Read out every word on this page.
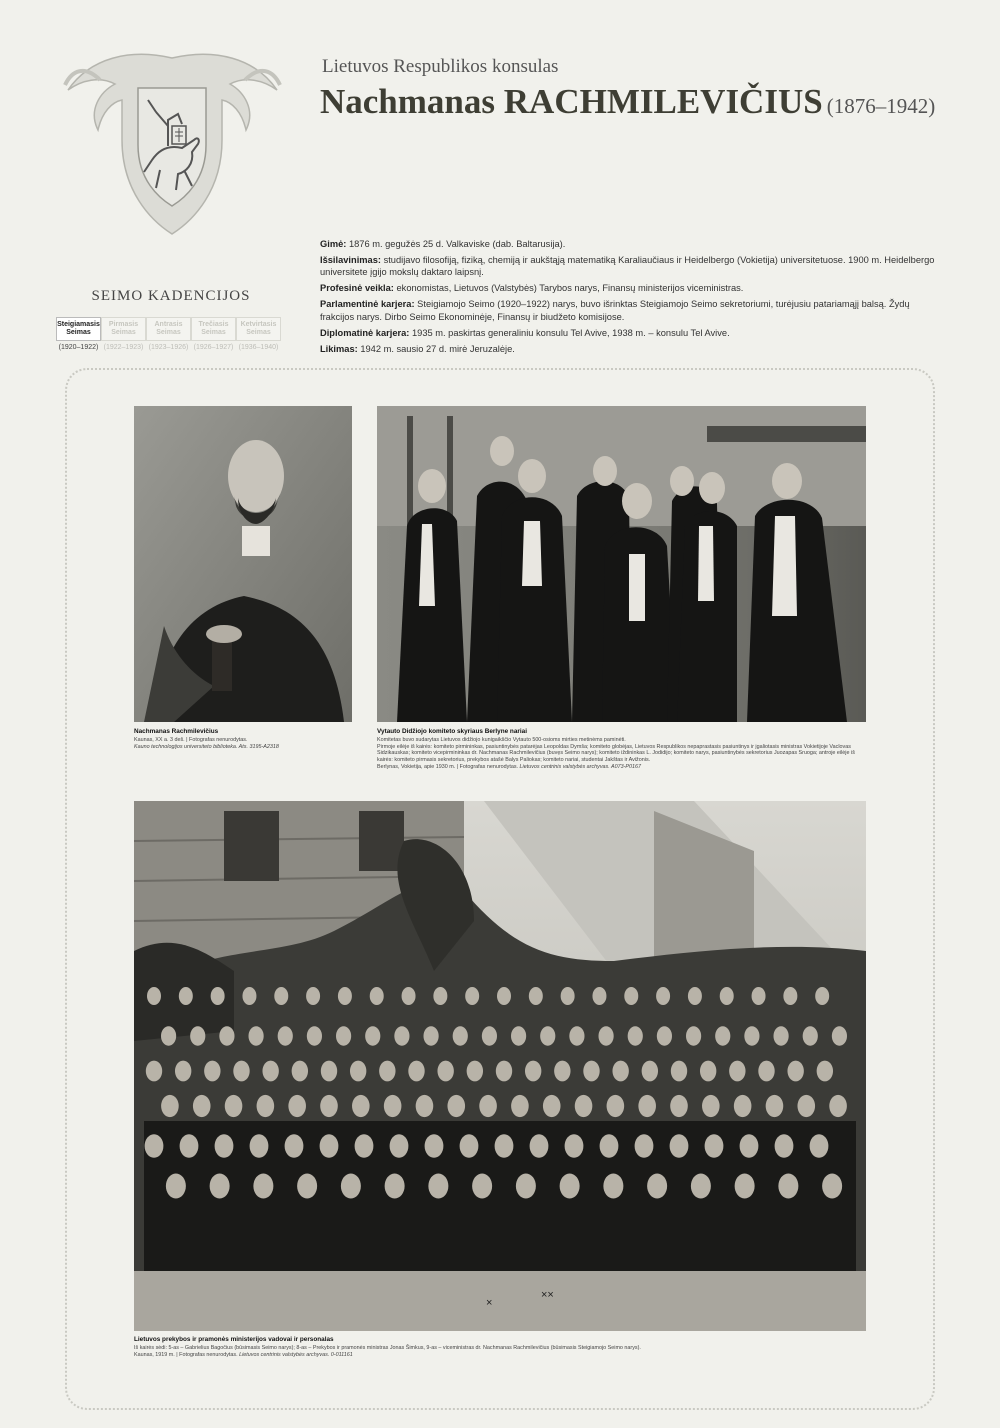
Lietuvos Respublikos konsulas
Nachmanas RACHMILEVIČIUS (1876–1942)

Gimė: 1876 m. gegužės 25 d. Valkaviske (dab. Baltarusija).

Išsilavinimas: studijavo filosofiją, fiziką, chemiją ir aukštąją matematiką Karaliaučiaus ir Heidelbergo (Vokietija) universitetuose. 1900 m. Heidelbergo universitete įgijo mokslų daktaro laipsnį.

Profesinė veikla: ekonomistas, Lietuvos (Valstybės) Tarybos narys, Finansų ministerijos viceministras.

Parlamentinė karjera: Steigiamojo Seimo (1920–1922) narys, buvo išrinktas Steigiamojo Seimo sekretoriumi, turėjusiu patariamąjį balsą. Žydų frakcijos narys. Dirbo Seimo Ekonominėje, Finansų ir biudžeto komisijose.

Diplomatinė karjera: 1935 m. paskirtas generaliniu konsulu Tel Avive, 1938 m. – konsulu Tel Avive.

Likimas: 1942 m. sausio 27 d. mirė Jeruzalėje.

SEIMO KADENCIJOS
Steigiamasis
Seimas
(1920–1922)
Pirmasis
Seimas
(1922–1923)
Antrasis
Seimas
(1923–1926)
Trečiasis
Seimas
(1926–1927)
Ketvirtasis
Seimas
(1936–1940)
Nachmanas Rachmilevičius
Kaunas, XX a. 3 deš. | Fotografas nenurodytas.
Kauno technologijos universiteto biblioteka. Ats. 3195-A2318
Vytauto Didžiojo komiteto skyriaus Berlyne nariai
Komitetas buvo sudarytas Lietuvos didžiojo kunigaikščio Vytauto 500-osioms mirties metinėms paminėti.
Pirmoje eilėje iš kairės: komiteto pirmininkas, pasiuntinybės patarėjas Leopoldas Dymša; komiteto globėjas, Lietuvos Respublikos nepaprastasis pasiuntinys ir įgaliotasis ministras Vokietijoje Vaclovas Sidzikauskas; komiteto vicepirmininkas dr. Nachmanas Rachmilevičius (buvęs Seimo narys); komiteto iždininkas L. Jodidijo; komiteto narys, pasiuntinybės sekretorius Juozapas Sruoga; antroje eilėje iš kairės: komiteto pirmasis sekretorius, prekybos atašė Balys Paliokas; komiteto nariai, studentai Jakštas ir Avižonis.
Berlynas, Vokietija, apie 1930 m. | Fotografas nenurodytas. Lietuvos centrinis valstybės archyvas. A073-P0167
×
××
Lietuvos prekybos ir pramonės ministerijos vadovai ir personalas
Iš kairės sėdi: 5-as – Gabrielius Bagočius (būsimasis Seimo narys); 8-as – Prekybos ir pramonės ministras Jonas Šimkus, 9-as – viceministras dr. Nachmanas Rachmilevičius (būsimasis Steigiamojo Seimo narys).
Kaunas, 1919 m. | Fotografas nenurodytas. Lietuvos centrinis valstybės archyvas. 0-011161
